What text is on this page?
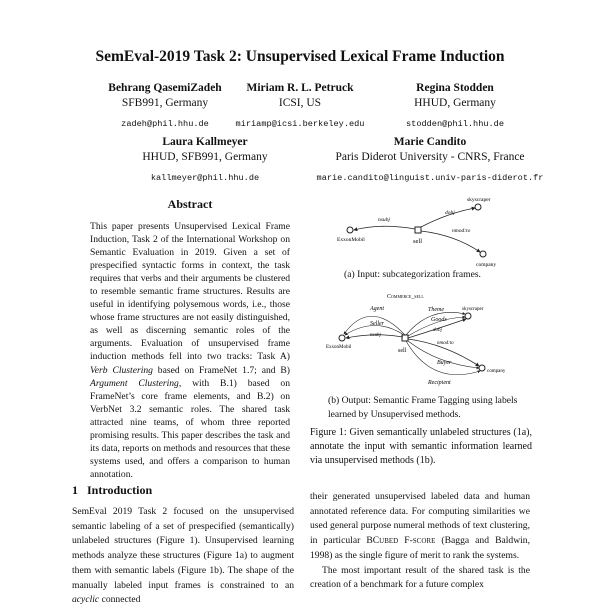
SemEval-2019 Task 2: Unsupervised Lexical Frame Induction
Behrang QasemiZadeh
SFB991, Germany
zadeh@phil.hhu.de
Miriam R. L. Petruck
ICSI, US
miriamp@icsi.berkeley.edu
Regina Stodden
HHUD, Germany
stodden@phil.hhu.de
Laura Kallmeyer
HHUD, SFB991, Germany
kallmeyer@phil.hhu.de
Marie Candito
Paris Diderot University - CNRS, France
marie.candito@linguist.univ-paris-diderot.fr
Abstract
This paper presents Unsupervised Lexical Frame Induction, Task 2 of the International Workshop on Semantic Evaluation in 2019. Given a set of prespecified syntactic forms in context, the task requires that verbs and their arguments be clustered to resemble semantic frame structures. Results are useful in identifying polysemous words, i.e., those whose frame structures are not easily distinguished, as well as discerning semantic roles of the arguments. Evaluation of unsupervised frame induction methods fell into two tracks: Task A) Verb Clustering based on FrameNet 1.7; and B) Argument Clustering, with B.1) based on FrameNet’s core frame elements, and B.2) on VerbNet 3.2 semantic roles. The shared task attracted nine teams, of whom three reported promising results. This paper describes the task and its data, reports on methods and resources that these systems used, and offers a comparison to human annotation.
nsubj
dobj
nmod:to
ExxonMobil	sell
skyscraper
company
(a) Input: subcategorization frames.
Commerce_sell
Agent
Seller
nsubj
Theme
Goods
dobj
nmod:to
Buyer
Recipient
ExxonMobil
sell
skyscraper
company
(b) Output: Semantic Frame Tagging using labels learned by Unsupervised methods.
Figure 1: Given semantically unlabeled structures (1a), annotate the input with semantic information learned via unsupervised methods (1b).
1 Introduction
SemEval 2019 Task 2 focused on the unsupervised semantic labeling of a set of prespecified (semantically) unlabeled structures (Figure 1). Unsupervised learning methods analyze these structures (Figure 1a) to augment them with semantic labels (Figure 1b). The shape of the manually labeled input frames is constrained to an acyclic connected

their generated unsupervised labeled data and human annotated reference data. For computing similarities we used general purpose numeral methods of text clustering, in particular BCubed F-score (Bagga and Baldwin, 1998) as the single figure of merit to rank the systems.

The most important result of the shared task is the creation of a benchmark for a future complex
